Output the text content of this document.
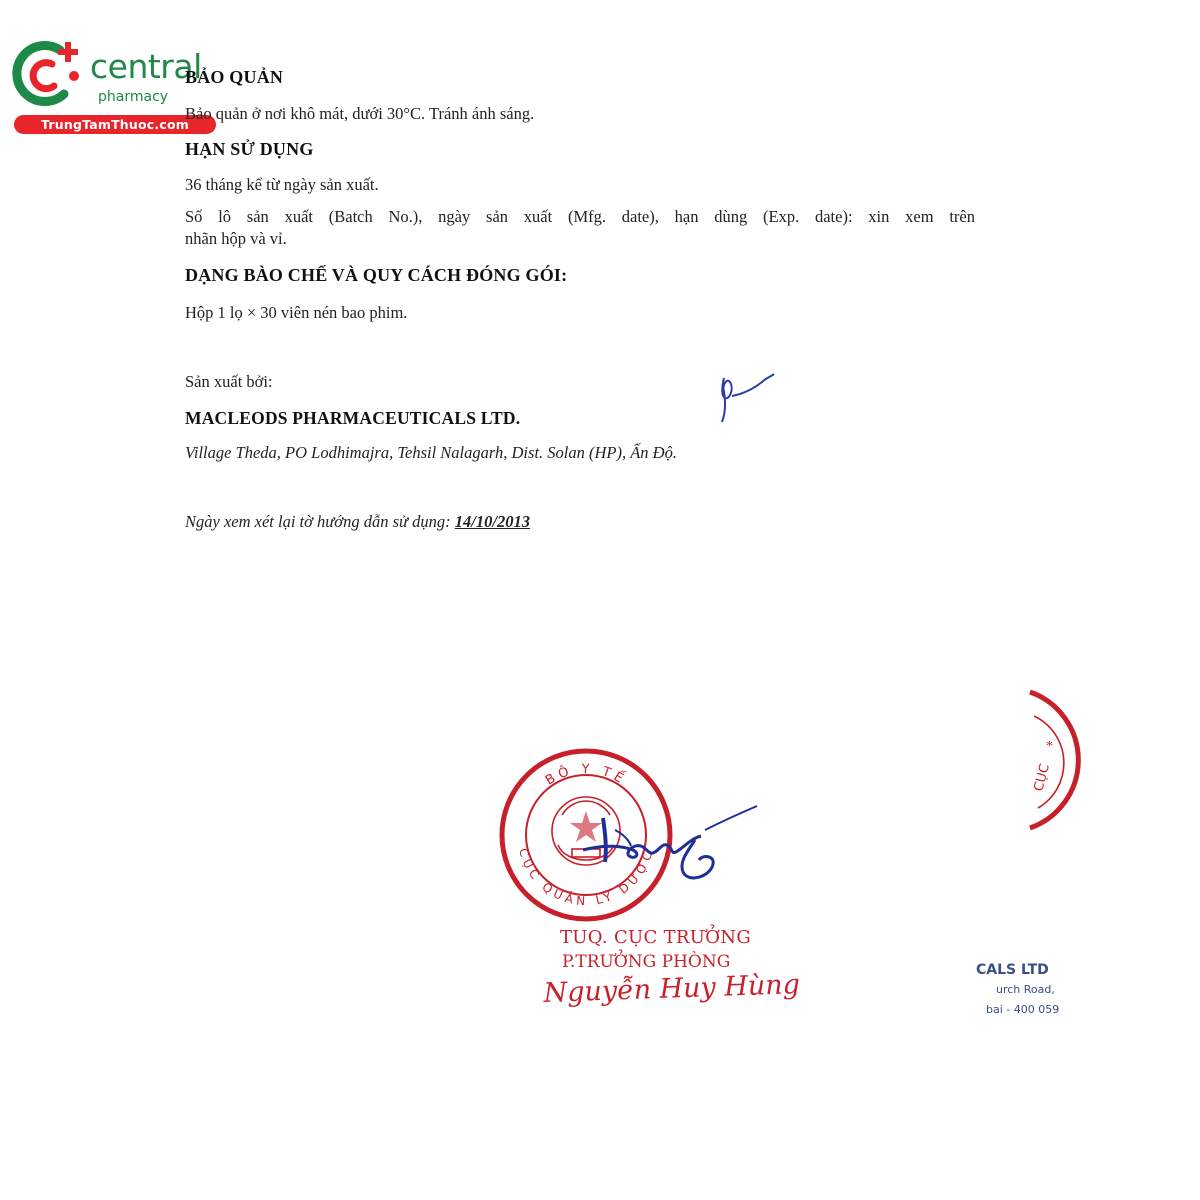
central
pharmacy
TrungTamThuoc.com
BẢO QUẢN
Bảo quản ở nơi khô mát, dưới 30°C. Tránh ánh sáng.
HẠN SỬ DỤNG
36 tháng kể từ ngày sản xuất.
Số lô sản xuất (Batch No.), ngày sản xuất (Mfg. date), hạn dùng (Exp. date): xin xem trên
nhãn hộp và vỉ.
DẠNG BÀO CHẾ VÀ QUY CÁCH ĐÓNG GÓI:
Hộp 1 lọ × 30 viên nén bao phim.
Sản xuất bởi:
MACLEODS PHARMACEUTICALS LTD.
Village Theda, PO Lodhimajra, Tehsil Nalagarh, Dist. Solan (HP), Ấn Độ.
Ngày xem xét lại tờ hướng dẫn sử dụng: 14/10/2013
BỘ Y TẾ
CỤC QUẢN LÝ DƯỢC
TUQ. CỤC TRƯỞNG
P.TRƯỞNG PHÒNG
Nguyễn Huy Hùng
CỤC
*
CALS LTD
urch Road,
bai - 400 059
